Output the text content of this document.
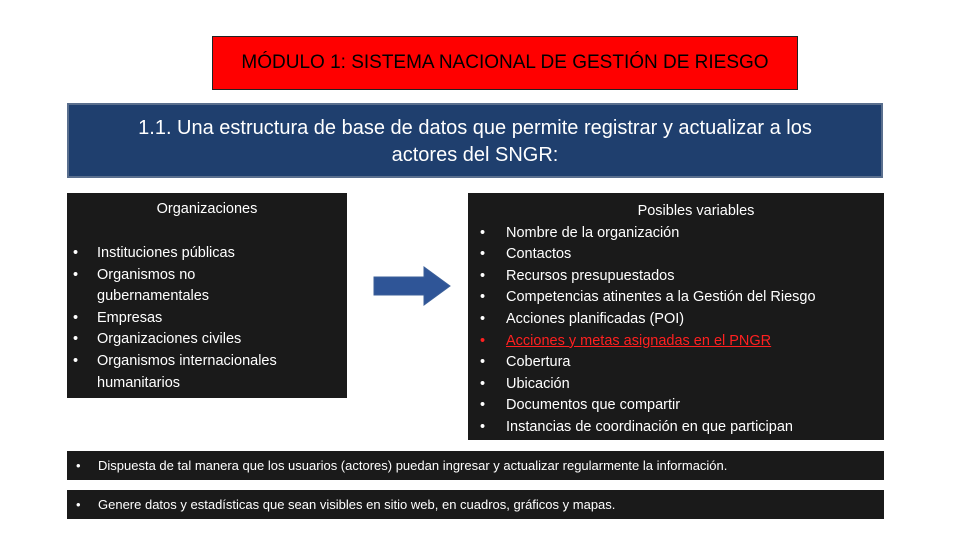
MÓDULO 1: SISTEMA NACIONAL DE GESTIÓN DE RIESGO
1.1. Una estructura de base de datos que permite registrar y actualizar a los
actores del SNGR:
Organizaciones
• Instituciones públicas
• Organismos no
gubernamentales
• Empresas
• Organizaciones civiles
• Organismos internacionales
humanitarios
Posibles variables
• Nombre de la organización
• Contactos
• Recursos presupuestados
• Competencias atinentes a la Gestión del Riesgo
• Acciones planificadas (POI)
• Acciones y metas asignadas en el PNGR
• Cobertura
• Ubicación
• Documentos que compartir
• Instancias de coordinación en que participan
• Dispuesta de tal manera que los usuarios (actores) puedan ingresar y actualizar regularmente la información.
• Genere datos y estadísticas que sean visibles en sitio web, en cuadros, gráficos y mapas.
